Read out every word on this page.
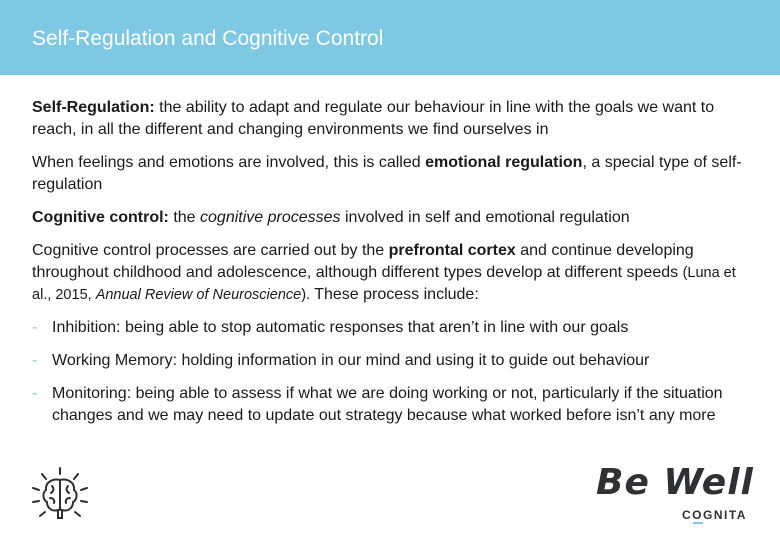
Self-Regulation and Cognitive Control

Self-Regulation: the ability to adapt and regulate our behaviour in line with the goals we want to reach, in all the different and changing environments we find ourselves in

When feelings and emotions are involved, this is called emotional regulation, a special type of self-regulation

Cognitive control: the cognitive processes involved in self and emotional regulation

Cognitive control processes are carried out by the prefrontal cortex and continue developing throughout childhood and adolescence, although different types develop at different speeds (Luna et al., 2015, Annual Review of Neuroscience). These process include:

- Inhibition: being able to stop automatic responses that aren’t in line with our goals
- Working Memory: holding information in our mind and using it to guide out behaviour
- Monitoring: being able to assess if what we are doing working or not, particularly if the situation changes and we may need to update out strategy because what worked before isn’t any more
Be Well
COGNITA
